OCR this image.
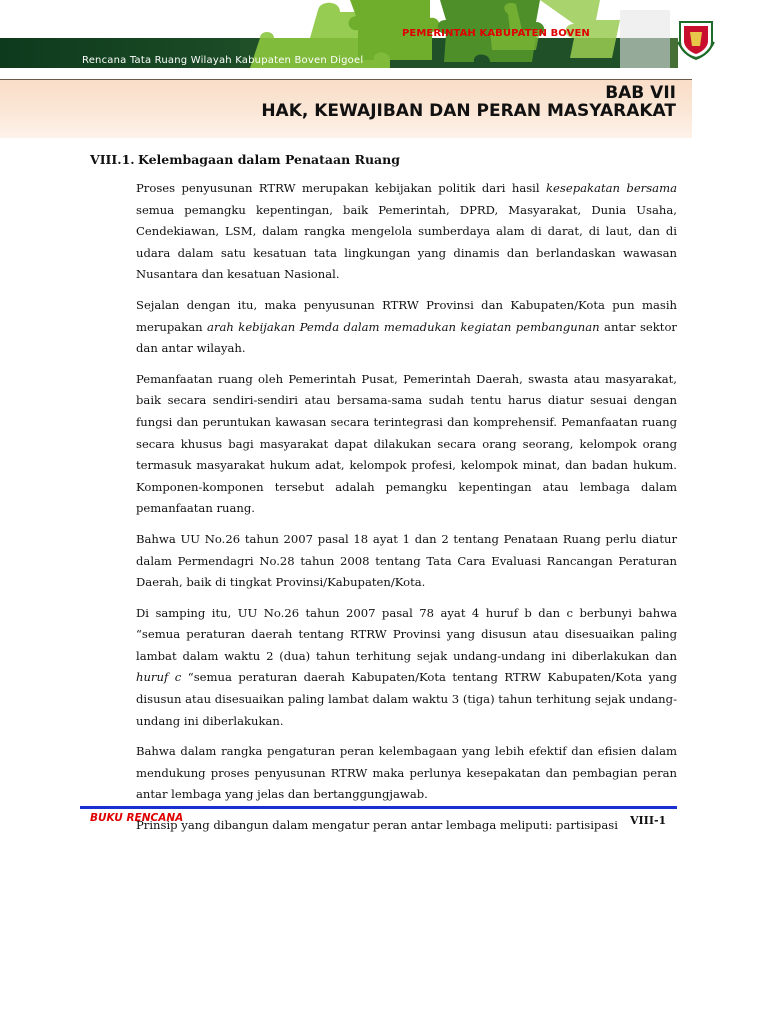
PEMERINTAH KABUPATEN BOVEN
Rencana Tata Ruang Wilayah Kabupaten Boven Digoel
BAB VII
HAK, KEWAJIBAN DAN PERAN MASYARAKAT
VIII.1. Kelembagaan dalam Penataan Ruang

Proses penyusunan RTRW merupakan kebijakan politik dari hasil kesepakatan bersama semua pemangku kepentingan, baik Pemerintah, DPRD, Masyarakat, Dunia Usaha, Cendekiawan, LSM, dalam rangka mengelola sumberdaya alam di darat, di laut, dan di udara dalam satu kesatuan tata lingkungan yang dinamis dan berlandaskan wawasan Nusantara dan kesatuan Nasional.

Sejalan dengan itu, maka penyusunan RTRW Provinsi dan Kabupaten/Kota pun masih merupakan arah kebijakan Pemda dalam memadukan kegiatan pembangunan antar sektor dan antar wilayah.

Pemanfaatan ruang oleh Pemerintah Pusat, Pemerintah Daerah, swasta atau masyarakat, baik secara sendiri-sendiri atau bersama-sama sudah tentu harus diatur sesuai dengan fungsi dan peruntukan kawasan secara terintegrasi dan komprehensif. Pemanfaatan ruang secara khusus bagi masyarakat dapat dilakukan secara orang seorang, kelompok orang termasuk masyarakat hukum adat, kelompok profesi, kelompok minat, dan badan hukum. Komponen-komponen tersebut adalah pemangku kepentingan atau lembaga dalam pemanfaatan ruang.

Bahwa UU No.26 tahun 2007 pasal 18 ayat 1 dan 2 tentang Penataan Ruang perlu diatur dalam Permendagri No.28 tahun 2008 tentang Tata Cara Evaluasi Rancangan Peraturan Daerah, baik di tingkat Provinsi/Kabupaten/Kota.

Di samping itu, UU No.26 tahun 2007 pasal 78 ayat 4 huruf b dan c berbunyi bahwa “semua peraturan daerah tentang RTRW Provinsi yang disusun atau disesuaikan paling lambat dalam waktu 2 (dua) tahun terhitung sejak undang-undang ini diberlakukan dan huruf c “semua peraturan daerah Kabupaten/Kota tentang RTRW Kabupaten/Kota yang disusun atau disesuaikan paling lambat dalam waktu 3 (tiga) tahun terhitung sejak undang-undang ini diberlakukan.

Bahwa dalam rangka pengaturan peran kelembagaan yang lebih efektif dan efisien dalam mendukung proses penyusunan RTRW maka perlunya kesepakatan dan pembagian peran antar lembaga yang jelas dan bertanggungjawab.

Prinsip yang dibangun dalam mengatur peran antar lembaga meliputi: partisipasi

BUKU RENCANA	VIII-1
